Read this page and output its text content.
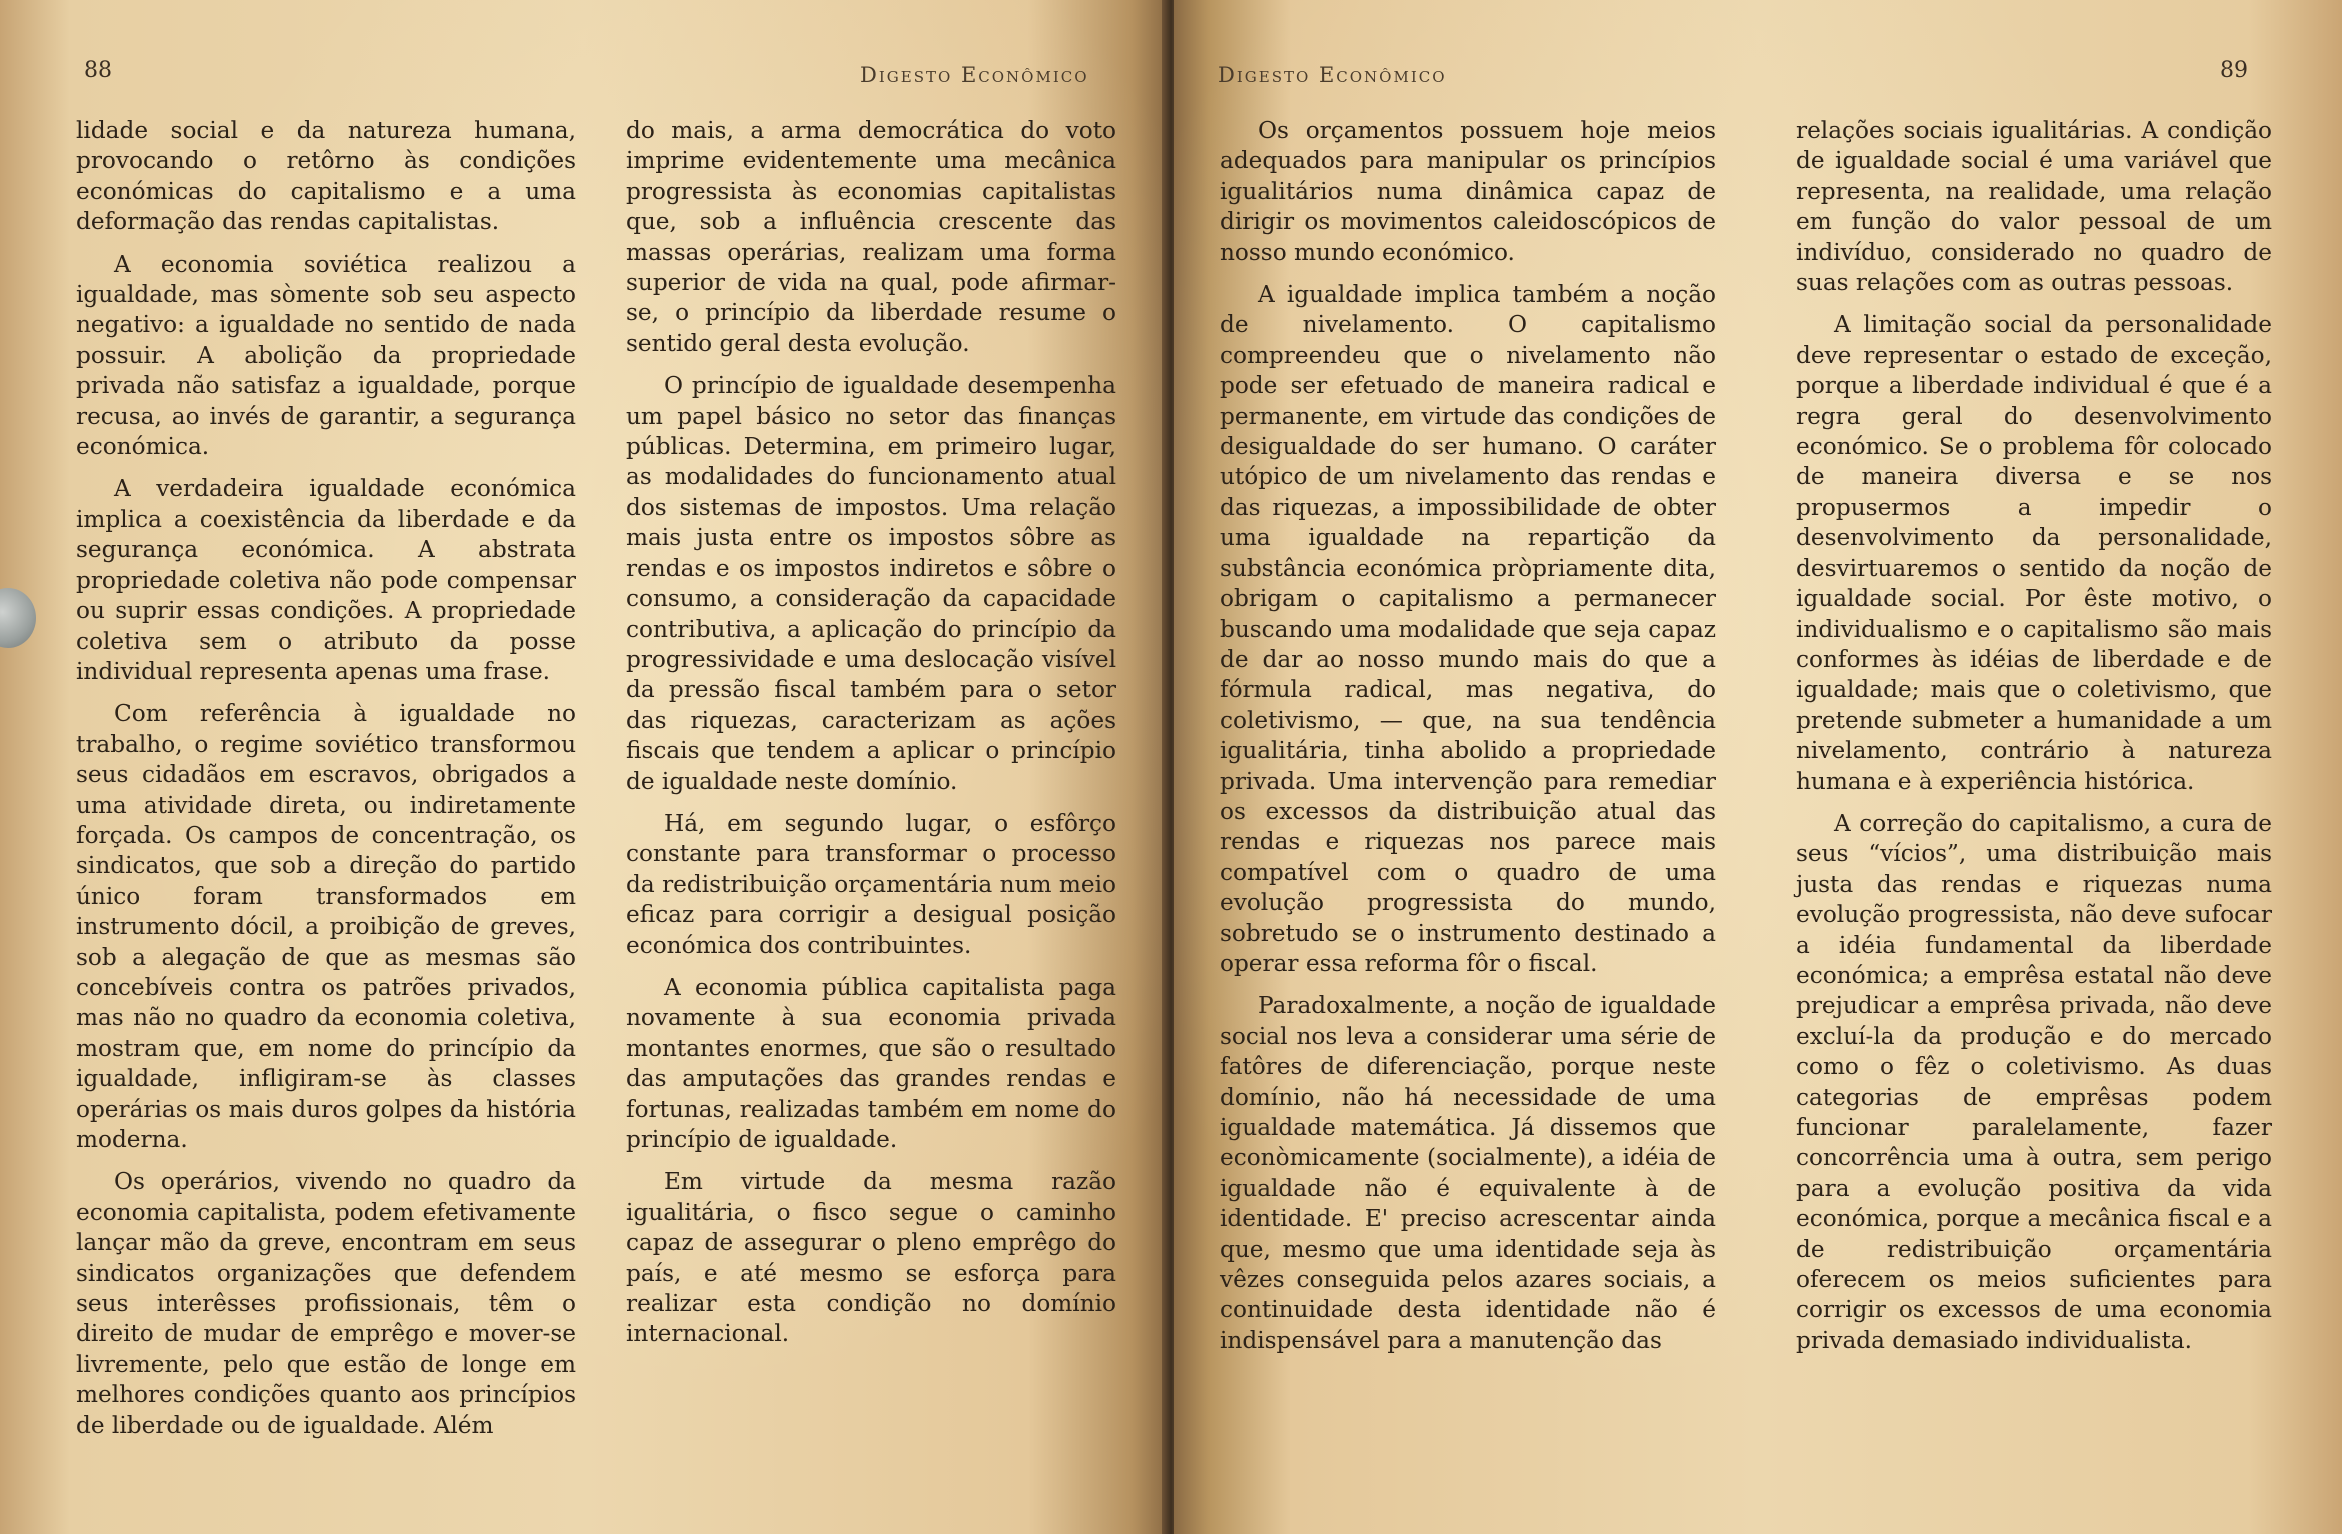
88	Digesto Econômico

lidade social e da natureza humana, provocando o retôrno às condições económicas do capitalismo e a uma deformação das rendas capitalistas.

A economia soviética realizou a igualdade, mas sòmente sob seu aspecto negativo: a igualdade no sentido de nada possuir. A abolição da propriedade privada não satisfaz a igualdade, porque recusa, ao invés de garantir, a segurança económica.

A verdadeira igualdade económica implica a coexistência da liberdade e da segurança económica. A abstrata propriedade coletiva não pode compensar ou suprir essas condições. A propriedade coletiva sem o atributo da posse individual representa apenas uma frase.

Com referência à igualdade no trabalho, o regime soviético transformou seus cidadãos em escravos, obrigados a uma atividade direta, ou indiretamente forçada. Os campos de concentração, os sindicatos, que sob a direção do partido único foram transformados em instrumento dócil, a proibição de greves, sob a alegação de que as mesmas são concebíveis contra os patrões privados, mas não no quadro da economia coletiva, mostram que, em nome do princípio da igualdade, infligiram-se às classes operárias os mais duros golpes da história moderna.

Os operários, vivendo no quadro da economia capitalista, podem efetivamente lançar mão da greve, encontram em seus sindicatos organizações que defendem seus interêsses profissionais, têm o direito de mudar de emprêgo e mover-se livremente, pelo que estão de longe em melhores condições quanto aos princípios de liberdade ou de igualdade. Além

do mais, a arma democrática do voto imprime evidentemente uma mecânica progressista às economias capitalistas que, sob a influência crescente das massas operárias, realizam uma forma superior de vida na qual, pode afirmar-se, o princípio da liberdade resume o sentido geral desta evolução.

O princípio de igualdade desempenha um papel básico no setor das finanças públicas. Determina, em primeiro lugar, as modalidades do funcionamento atual dos sistemas de impostos. Uma relação mais justa entre os impostos sôbre as rendas e os impostos indiretos e sôbre o consumo, a consideração da capacidade contributiva, a aplicação do princípio da progressividade e uma deslocação visível da pressão fiscal também para o setor das riquezas, caracterizam as ações fiscais que tendem a aplicar o princípio de igualdade neste domínio.

Há, em segundo lugar, o esfôrço constante para transformar o processo da redistribuição orçamentária num meio eficaz para corrigir a desigual posição económica dos contribuintes.

A economia pública capitalista paga novamente à sua economia privada montantes enormes, que são o resultado das amputações das grandes rendas e fortunas, realizadas também em nome do princípio de igualdade.

Em virtude da mesma razão igualitária, o fisco segue o caminho capaz de assegurar o pleno emprêgo do país, e até mesmo se esforça para realizar esta condição no domínio internacional.

Digesto Econômico	89

Os orçamentos possuem hoje meios adequados para manipular os princípios igualitários numa dinâmica capaz de dirigir os movimentos caleidoscópicos de nosso mundo económico.

A igualdade implica também a noção de nivelamento. O capitalismo compreendeu que o nivelamento não pode ser efetuado de maneira radical e permanente, em virtude das condições de desigualdade do ser humano. O caráter utópico de um nivelamento das rendas e das riquezas, a impossibilidade de obter uma igualdade na repartição da substância económica pròpriamente dita, obrigam o capitalismo a permanecer buscando uma modalidade que seja capaz de dar ao nosso mundo mais do que a fórmula radical, mas negativa, do coletivismo, — que, na sua tendência igualitária, tinha abolido a propriedade privada. Uma intervenção para remediar os excessos da distribuição atual das rendas e riquezas nos parece mais compatível com o quadro de uma evolução progressista do mundo, sobretudo se o instrumento destinado a operar essa reforma fôr o fiscal.

Paradoxalmente, a noção de igualdade social nos leva a considerar uma série de fatôres de diferenciação, porque neste domínio, não há necessidade de uma igualdade matemática. Já dissemos que econòmicamente (socialmente), a idéia de igualdade não é equivalente à de identidade. E' preciso acrescentar ainda que, mesmo que uma identidade seja às vêzes conseguida pelos azares sociais, a continuidade desta identidade não é indispensável para a manutenção das

relações sociais igualitárias. A condição de igualdade social é uma variável que representa, na realidade, uma relação em função do valor pessoal de um indivíduo, considerado no quadro de suas relações com as outras pessoas.

A limitação social da personalidade deve representar o estado de exceção, porque a liberdade individual é que é a regra geral do desenvolvimento económico. Se o problema fôr colocado de maneira diversa e se nos propusermos a impedir o desenvolvimento da personalidade, desvirtuaremos o sentido da noção de igualdade social. Por êste motivo, o individualismo e o capitalismo são mais conformes às idéias de liberdade e de igualdade; mais que o coletivismo, que pretende submeter a humanidade a um nivelamento, contrário à natureza humana e à experiência histórica.

A correção do capitalismo, a cura de seus “vícios”, uma distribuição mais justa das rendas e riquezas numa evolução progressista, não deve sufocar a idéia fundamental da liberdade económica; a emprêsa estatal não deve prejudicar a emprêsa privada, não deve excluí-la da produção e do mercado como o fêz o coletivismo. As duas categorias de emprêsas podem funcionar paralelamente, fazer concorrência uma à outra, sem perigo para a evolução positiva da vida económica, porque a mecânica fiscal e a de redistribuição orçamentária oferecem os meios suficientes para corrigir os excessos de uma economia privada demasiado individualista.
